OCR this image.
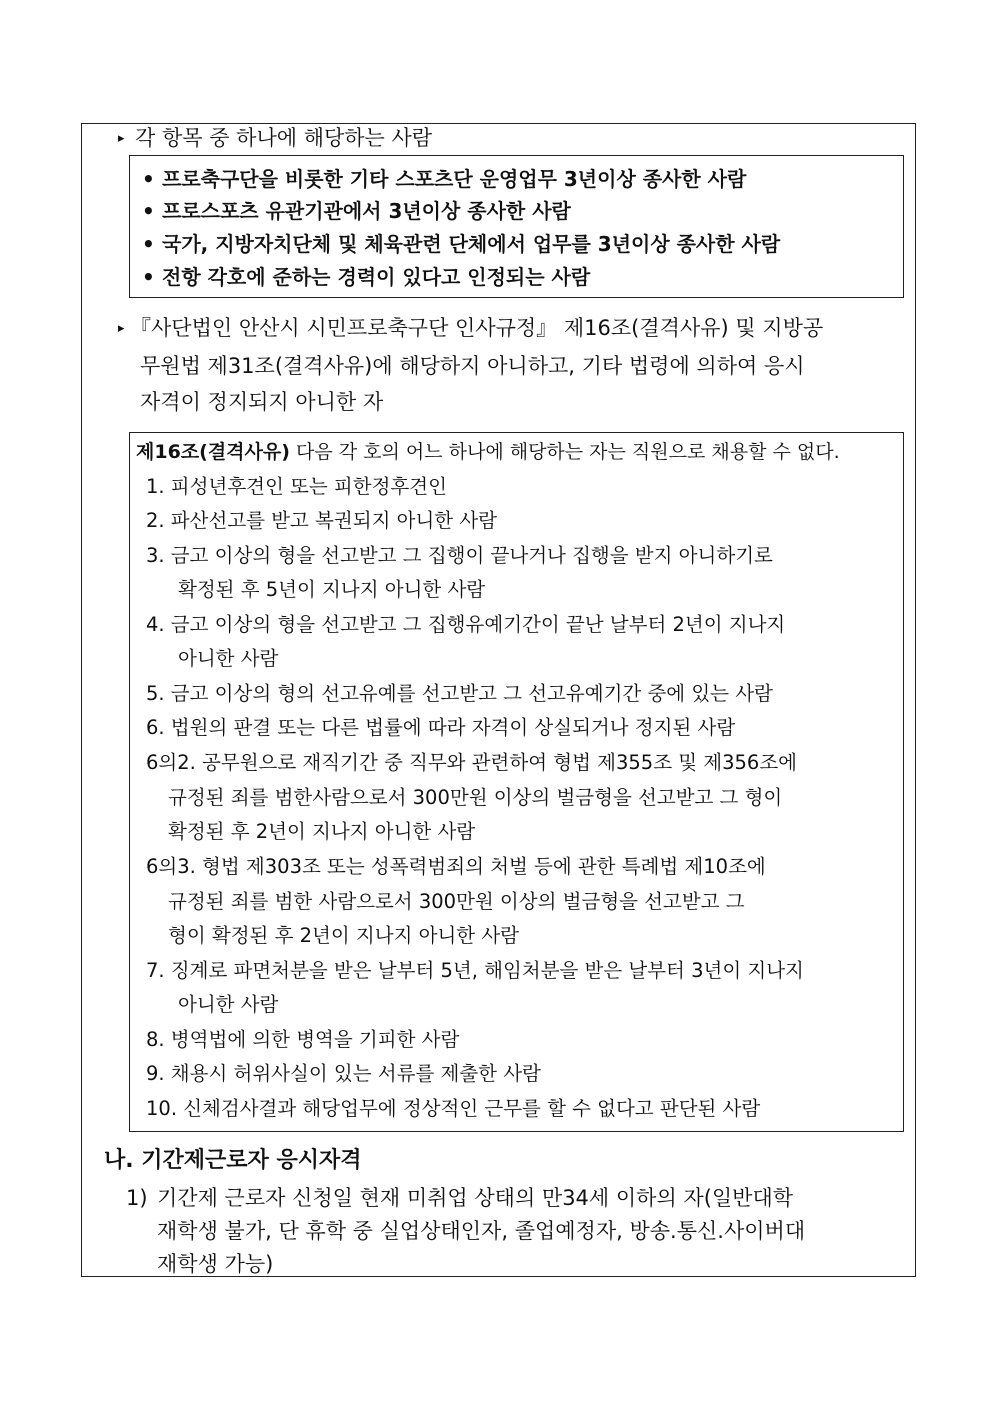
▸ 각 항목 중 하나에 해당하는 사람
• 프로축구단을 비롯한 기타 스포츠단 운영업무 3년이상 종사한 사람
• 프로스포츠 유관기관에서 3년이상 종사한 사람
• 국가, 지방자치단체 및 체육관련 단체에서 업무를 3년이상 종사한 사람
• 전항 각호에 준하는 경력이 있다고 인정되는 사람
▸ 『사단법인 안산시 시민프로축구단 인사규정』 제16조(결격사유) 및 지방공
무원법 제31조(결격사유)에 해당하지 아니하고, 기타 법령에 의하여 응시
자격이 정지되지 아니한 자
제16조(결격사유) 다음 각 호의 어느 하나에 해당하는 자는 직원으로 채용할 수 없다.
1. 피성년후견인 또는 피한정후견인
2. 파산선고를 받고 복권되지 아니한 사람
3. 금고 이상의 형을 선고받고 그 집행이 끝나거나 집행을 받지 아니하기로
확정된 후 5년이 지나지 아니한 사람
4. 금고 이상의 형을 선고받고 그 집행유예기간이 끝난 날부터 2년이 지나지
아니한 사람
5. 금고 이상의 형의 선고유예를 선고받고 그 선고유예기간 중에 있는 사람
6. 법원의 판결 또는 다른 법률에 따라 자격이 상실되거나 정지된 사람
6의2. 공무원으로 재직기간 중 직무와 관련하여 형법 제355조 및 제356조에
규정된 죄를 범한사람으로서 300만원 이상의 벌금형을 선고받고 그 형이
확정된 후 2년이 지나지 아니한 사람
6의3. 형법 제303조 또는 성폭력범죄의 처벌 등에 관한 특례법 제10조에
규정된 죄를 범한 사람으로서 300만원 이상의 벌금형을 선고받고 그
형이 확정된 후 2년이 지나지 아니한 사람
7. 징계로 파면처분을 받은 날부터 5년, 해임처분을 받은 날부터 3년이 지나지
아니한 사람
8. 병역법에 의한 병역을 기피한 사람
9. 채용시 허위사실이 있는 서류를 제출한 사람
10. 신체검사결과 해당업무에 정상적인 근무를 할 수 없다고 판단된 사람
나. 기간제근로자 응시자격
1) 기간제 근로자 신청일 현재 미취업 상태의 만34세 이하의 자(일반대학
재학생 불가, 단 휴학 중 실업상태인자, 졸업예정자, 방송.통신.사이버대
재학생 가능)
